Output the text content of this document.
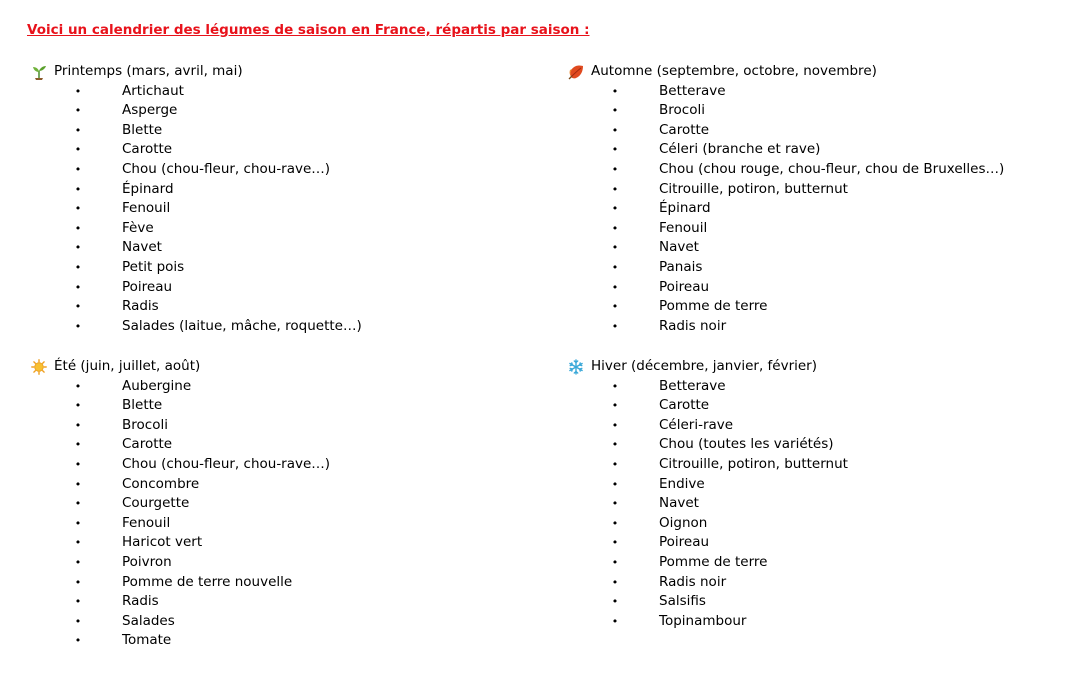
Voici un calendrier des légumes de saison en France, répartis par saison :
Printemps (mars, avril, mai)
•	Artichaut
•	Asperge
•	Blette
•	Carotte
•	Chou (chou-fleur, chou-rave…)
•	Épinard
•	Fenouil
•	Fève
•	Navet
•	Petit pois
•	Poireau
•	Radis
•	Salades (laitue, mâche, roquette…)
Automne (septembre, octobre, novembre)
•	Betterave
•	Brocoli
•	Carotte
•	Céleri (branche et rave)
•	Chou (chou rouge, chou-fleur, chou de Bruxelles…)
•	Citrouille, potiron, butternut
•	Épinard
•	Fenouil
•	Navet
•	Panais
•	Poireau
•	Pomme de terre
•	Radis noir
Été (juin, juillet, août)
•	Aubergine
•	Blette
•	Brocoli
•	Carotte
•	Chou (chou-fleur, chou-rave…)
•	Concombre
•	Courgette
•	Fenouil
•	Haricot vert
•	Poivron
•	Pomme de terre nouvelle
•	Radis
•	Salades
•	Tomate
Hiver (décembre, janvier, février)
•	Betterave
•	Carotte
•	Céleri-rave
•	Chou (toutes les variétés)
•	Citrouille, potiron, butternut
•	Endive
•	Navet
•	Oignon
•	Poireau
•	Pomme de terre
•	Radis noir
•	Salsifis
•	Topinambour
